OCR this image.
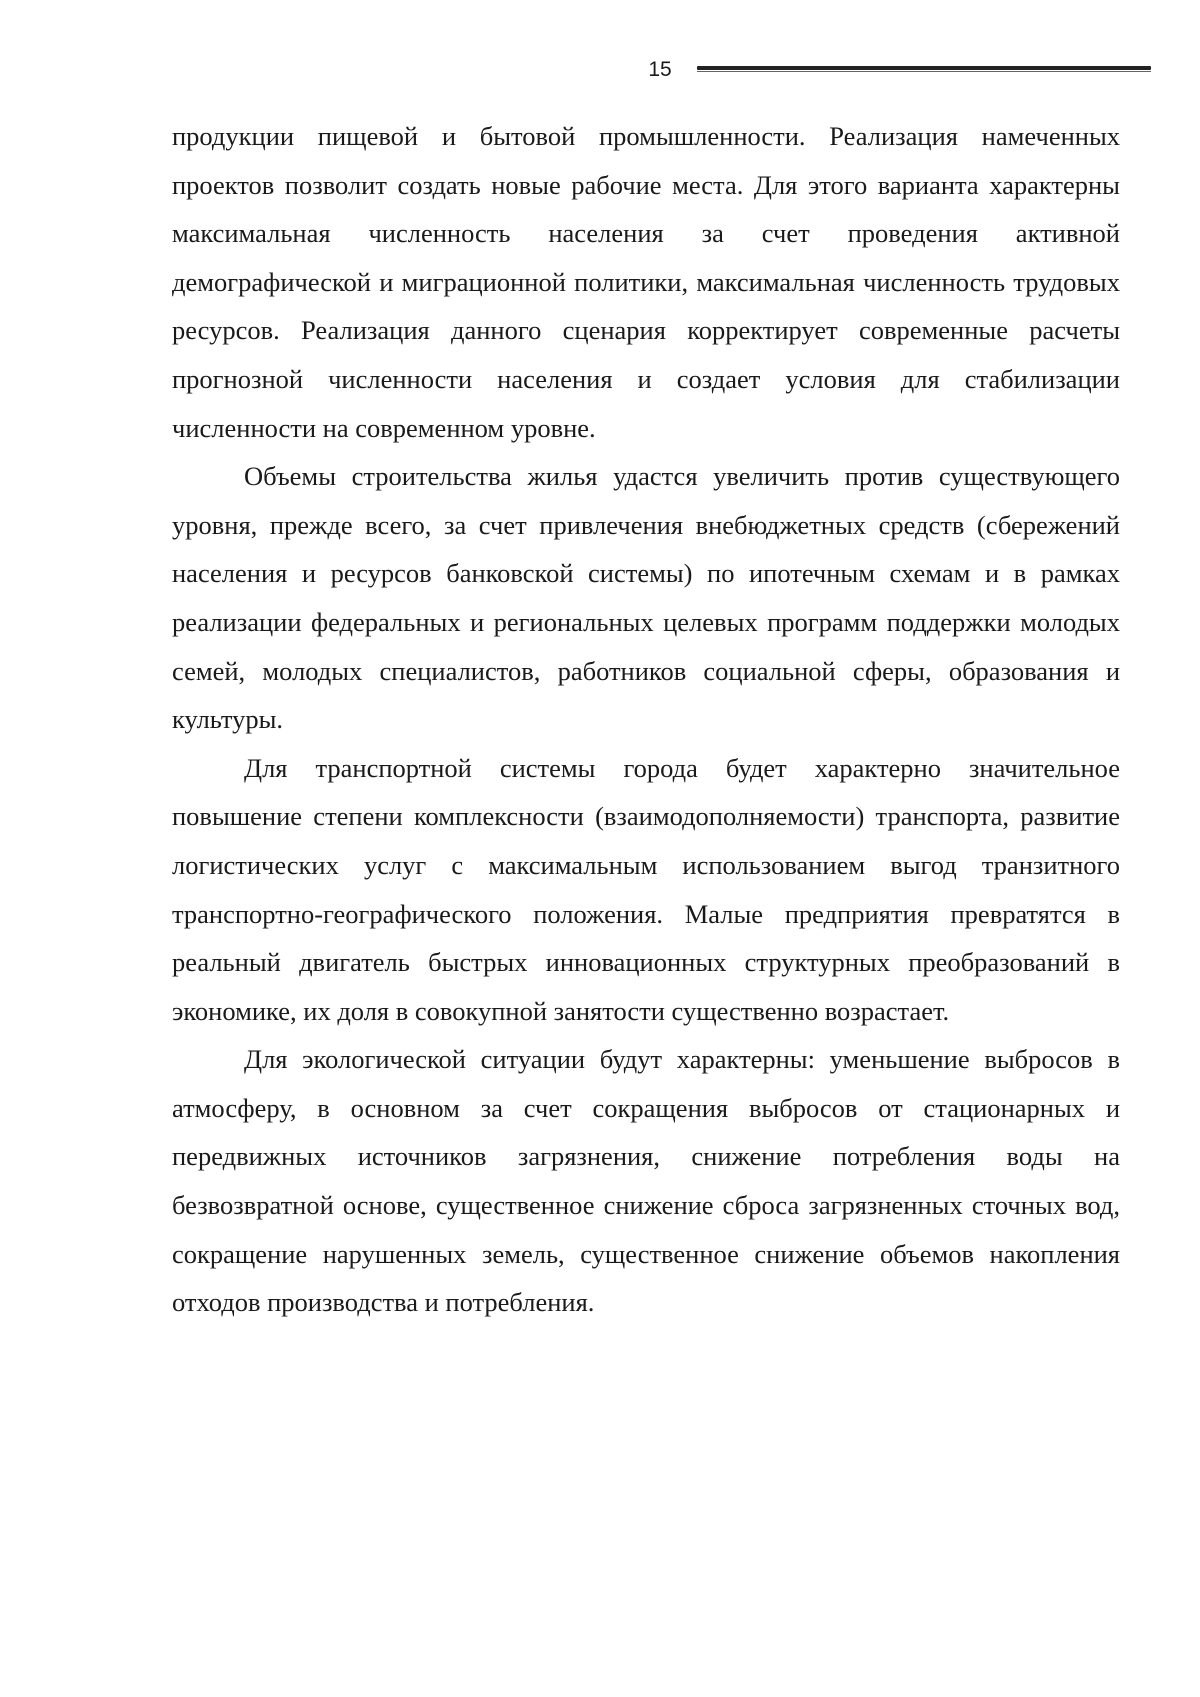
15

продукции пищевой и бытовой промышленности. Реализация намеченных проектов позволит создать новые рабочие места. Для этого варианта характерны максимальная численность населения за счет проведения активной демографической и миграционной политики, максимальная численность трудовых ресурсов. Реализация данного сценария корректирует современные расчеты прогнозной численности населения и создает условия для стабилизации численности на современном уровне.

Объемы строительства жилья удастся увеличить против существующего уровня, прежде всего, за счет привлечения внебюджетных средств (сбережений населения и ресурсов банковской системы) по ипотечным схемам и в рамках реализации федеральных и региональных целевых программ поддержки молодых семей, молодых специалистов, работников социальной сферы, образования и культуры.

Для транспортной системы города будет характерно значительное повышение степени комплексности (взаимодополняемости) транспорта, развитие логистических услуг с максимальным использованием выгод транзитного транспортно-географического положения. Малые предприятия превратятся в реальный двигатель быстрых инновационных структурных преобразований в экономике, их доля в совокупной занятости существенно возрастает.

Для экологической ситуации будут характерны: уменьшение выбросов в атмосферу, в основном за счет сокращения выбросов от стационарных и передвижных источников загрязнения, снижение потребления воды на безвозвратной основе, существенное снижение сброса загрязненных сточных вод, сокращение нарушенных земель, существенное снижение объемов накопления отходов производства и потребления.
